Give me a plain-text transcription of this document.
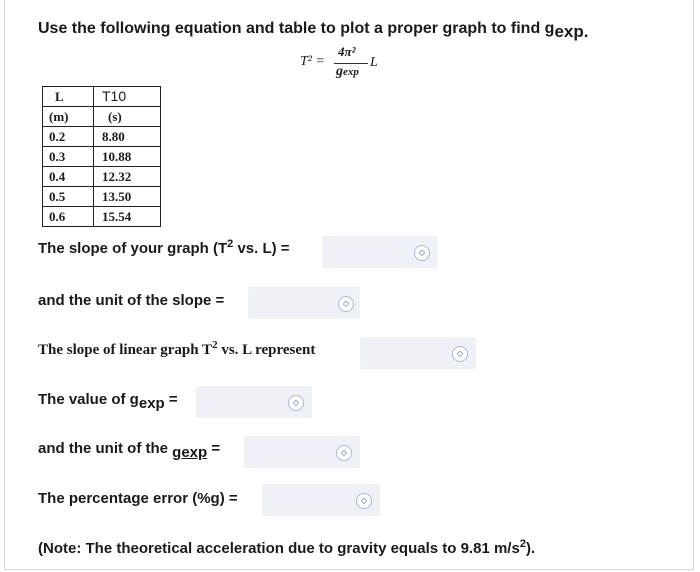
Use the following equation and table to plot a proper graph to find gexp.
T² =
4π²
gexp
L
L	T10
(m)	(s)
0.2	8.80
0.3	10.88
0.4	12.32
0.5	13.50
0.6	15.54
The slope of your graph ($T^2$ vs. L) =	◇
and the unit of the slope =	◇
The slope of linear graph $T^2$ vs. L represent	◇
The value of gexp =	◇
and the unit of the gexp =	◇
The percentage error (%g) =	◇
(Note: The theoretical acceleration due to gravity equals to 9.81 $m/s^2$).
